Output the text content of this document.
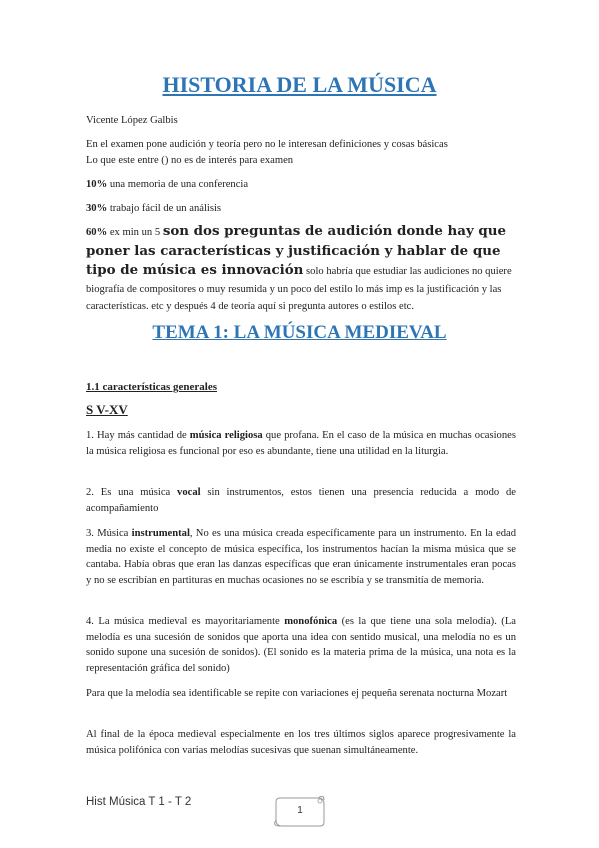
HISTORIA DE LA MÚSICA

Vicente López Galbis

En el examen pone audición y teoría pero no le interesan definiciones y cosas básicas
Lo que este entre () no es de interés para examen

10% una memoria de una conferencia

30% trabajo fácil de un análisis

60% ex min un 5 son dos preguntas de audición donde hay que poner las características y justificación y hablar de que tipo de música es innovación solo habría que estudiar las audiciones no quiere biografía de compositores o muy resumida y un poco del estilo lo más imp es la justificación y las características. etc y después 4 de teoría aquí si pregunta autores o estilos etc.

TEMA 1: LA MÚSICA MEDIEVAL

1.1 características generales

S V-XV

1. Hay más cantidad de música religiosa que profana. En el caso de la música en muchas ocasiones la música religiosa es funcional por eso es abundante, tiene una utilidad en la liturgia.

2. Es una música vocal sin instrumentos, estos tienen una presencia reducida a modo de acompañamiento

3. Música instrumental, No es una música creada específicamente para un instrumento. En la edad media no existe el concepto de música específica, los instrumentos hacían la misma música que se cantaba. Había obras que eran las danzas específicas que eran únicamente instrumentales eran pocas y no se escribían en partituras en muchas ocasiones no se escribía y se transmitía de memoria.

4. La música medieval es mayoritariamente monofónica (es la que tiene una sola melodía). (La melodía es una sucesión de sonidos que aporta una idea con sentido musical, una melodía no es un sonido supone una sucesión de sonidos). (El sonido es la materia prima de la música, una nota es la representación gráfica del sonido)

Para que la melodía sea identificable se repite con variaciones ej pequeña serenata nocturna Mozart

Al final de la época medieval especialmente en los tres últimos siglos aparece progresivamente la música polifónica con varias melodías sucesivas que suenan simultáneamente.

Hist Música T 1 - T 2
1
